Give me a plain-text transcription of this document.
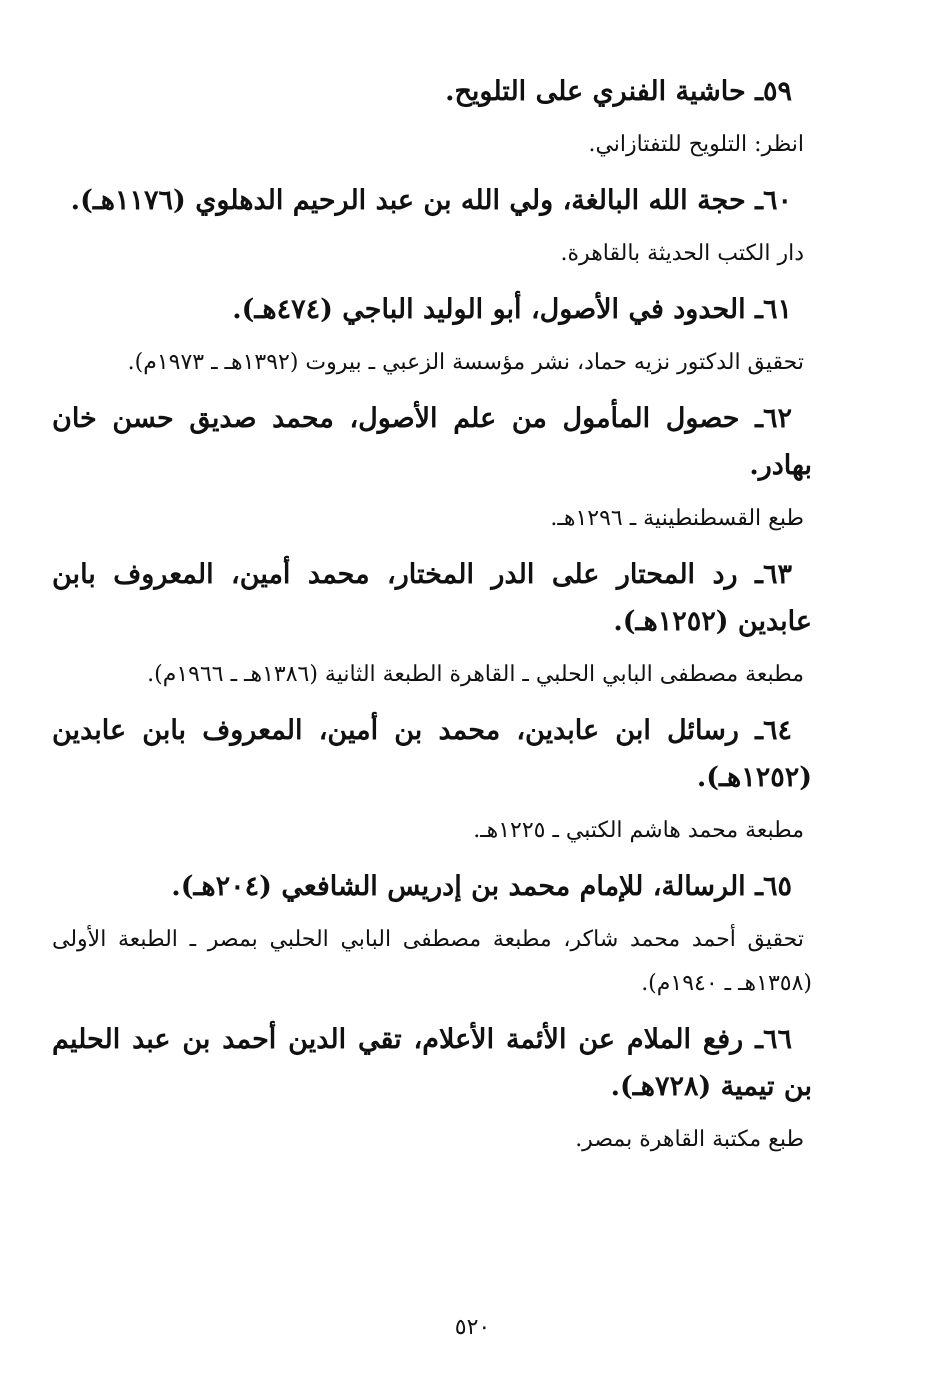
٥٩ـ حاشية الفنري على التلويح.

انظر: التلويح للتفتازاني.

٦٠ـ حجة الله البالغة، ولي الله بن عبد الرحيم الدهلوي (١١٧٦هـ).

دار الكتب الحديثة بالقاهرة.

٦١ـ الحدود في الأصول، أبو الوليد الباجي (٤٧٤هـ).

تحقيق الدكتور نزيه حماد، نشر مؤسسة الزعبي ـ بيروت (١٣٩٢هـ ـ ١٩٧٣م).

٦٢ـ حصول المأمول من علم الأصول، محمد صديق حسن خان بهادر.

طبع القسطنطينية ـ ١٢٩٦هـ.

٦٣ـ رد المحتار على الدر المختار، محمد أمين، المعروف بابن عابدين (١٢٥٢هـ).

مطبعة مصطفى البابي الحلبي ـ القاهرة الطبعة الثانية (١٣٨٦هـ ـ ١٩٦٦م).

٦٤ـ رسائل ابن عابدين، محمد بن أمين، المعروف بابن عابدين (١٢٥٢هـ).

مطبعة محمد هاشم الكتبي ـ ١٢٢٥هـ.

٦٥ـ الرسالة، للإمام محمد بن إدريس الشافعي (٢٠٤هـ).

تحقيق أحمد محمد شاكر، مطبعة مصطفى البابي الحلبي بمصر ـ الطبعة الأولى (١٣٥٨هـ ـ ١٩٤٠م).

٦٦ـ رفع الملام عن الأئمة الأعلام، تقي الدين أحمد بن عبد الحليم بن تيمية (٧٢٨هـ).

طبع مكتبة القاهرة بمصر.

٥٢٠
